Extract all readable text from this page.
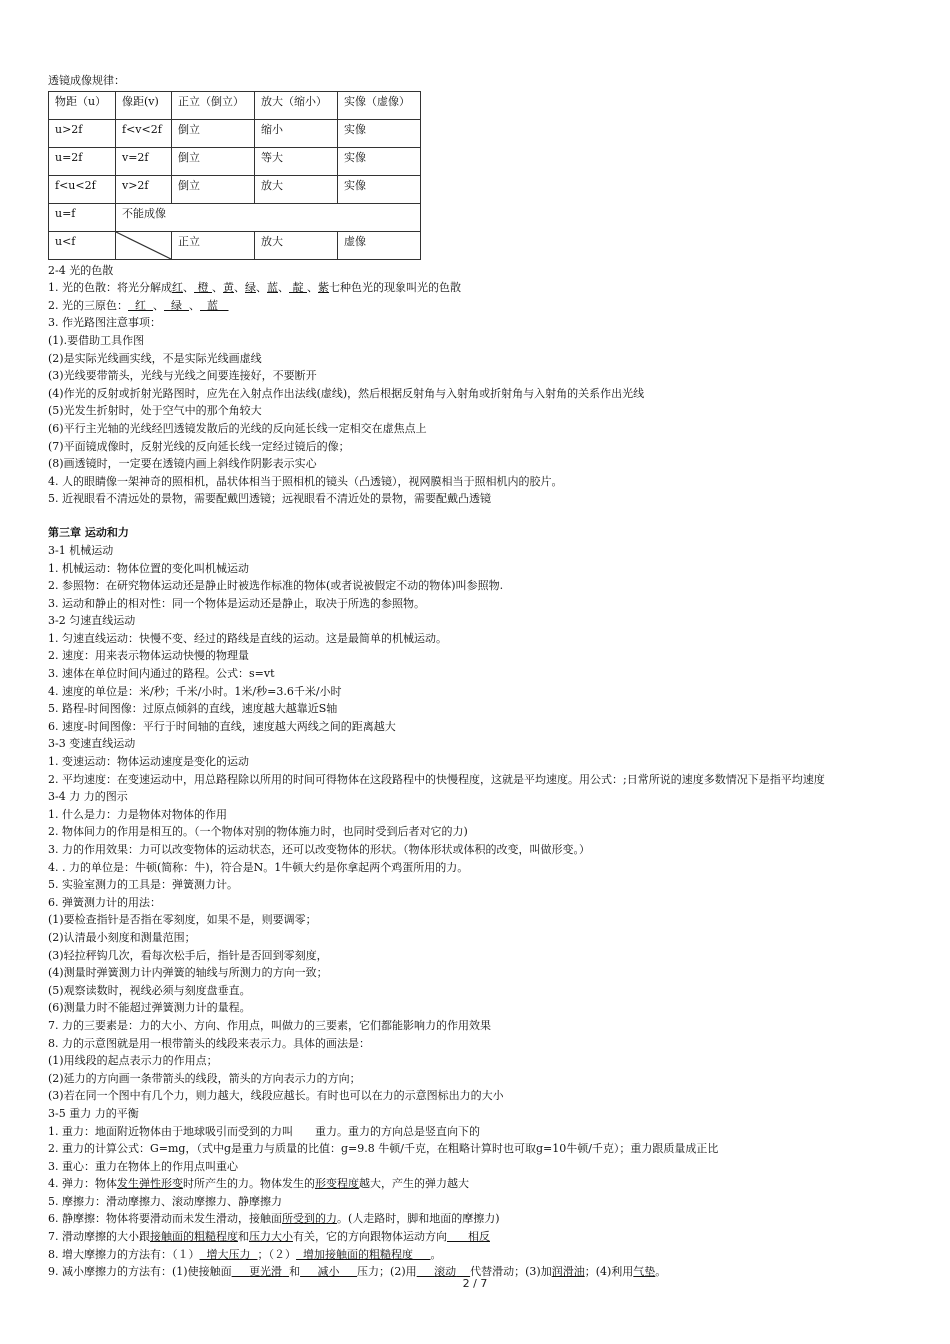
透镜成像规律：
物距（u）	像距(v)	正立（倒立）	放大（缩小）	实像（虚像）
u>2f	f<v<2f	倒立	缩小	实像
u=2f	v=2f	倒立	等大	实像
f<u<2f	v>2f	倒立	放大	实像
u=f	不能成像			
u<f		正立	放大	虚像
2-4 光的色散
1. 光的色散：将光分解成红、 橙 、黄、绿、蓝、 靛 、紫七种色光的现象叫光的色散
2. 光的三原色： 红 、 绿 、 蓝
3. 作光路图注意事项：
(1).要借助工具作图
(2)是实际光线画实线，不是实际光线画虚线
(3)光线要带箭头，光线与光线之间要连接好，不要断开
(4)作光的反射或折射光路图时，应先在入射点作出法线(虚线)，然后根据反射角与入射角或折射角与入射角的关系作出光线
(5)光发生折射时，处于空气中的那个角较大
(6)平行主光轴的光线经凹透镜发散后的光线的反向延长线一定相交在虚焦点上
(7)平面镜成像时，反射光线的反向延长线一定经过镜后的像；
(8)画透镜时，一定要在透镜内画上斜线作阴影表示实心
4. 人的眼睛像一架神奇的照相机，晶状体相当于照相机的镜头（凸透镜），视网膜相当于照相机内的胶片。
5. 近视眼看不清远处的景物，需要配戴凹透镜；远视眼看不清近处的景物，需要配戴凸透镜
第三章 运动和力
3-1 机械运动
1. 机械运动：物体位置的变化叫机械运动
2. 参照物：在研究物体运动还是静止时被选作标准的物体(或者说被假定不动的物体)叫参照物.
3. 运动和静止的相对性：同一个物体是运动还是静止，取决于所选的参照物。
3-2 匀速直线运动
1. 匀速直线运动：快慢不变、经过的路线是直线的运动。这是最简单的机械运动。
2. 速度：用来表示物体运动快慢的物理量
3. 速体在单位时间内通过的路程。公式：s=vt
4. 速度的单位是：米/秒；千米/小时。1米/秒=3.6千米/小时
5. 路程-时间图像：过原点倾斜的直线，速度越大越靠近S轴
6. 速度-时间图像：平行于时间轴的直线，速度越大两线之间的距离越大
3-3 变速直线运动
1. 变速运动：物体运动速度是变化的运动
2. 平均速度：在变速运动中，用总路程除以所用的时间可得物体在这段路程中的快慢程度，这就是平均速度。用公式：;日常所说的速度多数情况下是指平均速度
3-4 力 力的图示
1. 什么是力：力是物体对物体的作用
2. 物体间力的作用是相互的。（一个物体对别的物体施力时，也同时受到后者对它的力)
3. 力的作用效果：力可以改变物体的运动状态，还可以改变物体的形状。（物体形状或体积的改变，叫做形变。）
4. . 力的单位是：牛顿(简称：牛)，符合是N。1牛顿大约是你拿起两个鸡蛋所用的力。
5. 实验室测力的工具是：弹簧测力计。
6. 弹簧测力计的用法：
(1)要检查指针是否指在零刻度，如果不是，则要调零；
(2)认清最小刻度和测量范围；
(3)轻拉秤钩几次，看每次松手后，指针是否回到零刻度，
(4)测量时弹簧测力计内弹簧的轴线与所测力的方向一致；
(5)观察读数时，视线必须与刻度盘垂直。
(6)测量力时不能超过弹簧测力计的量程。
7. 力的三要素是：力的大小、方向、作用点，叫做力的三要素，它们都能影响力的作用效果
8. 力的示意图就是用一根带箭头的线段来表示力。具体的画法是：
(1)用线段的起点表示力的作用点；
(2)延力的方向画一条带箭头的线段，箭头的方向表示力的方向；
(3)若在同一个图中有几个力，则力越大，线段应越长。有时也可以在力的示意图标出力的大小
3-5 重力 力的平衡
1. 重力：地面附近物体由于地球吸引而受到的力叫　　重力。重力的方向总是竖直向下的
2. 重力的计算公式：G=mg，（式中g是重力与质量的比值：g=9.8 牛顿/千克，在粗略计算时也可取g=10牛顿/千克）；重力跟质量成正比
3. 重心：重力在物体上的作用点叫重心
4. 弹力：物体发生弹性形变时所产生的力。物体发生的形变程度越大，产生的弹力越大
5. 摩擦力：滑动摩擦力、滚动摩擦力、静摩擦力
6. 静摩擦：物体将要滑动而未发生滑动，接触面所受到的力。(人走路时，脚和地面的摩擦力)
7. 滑动摩擦的大小跟接触面的粗糙程度和压力大小有关，它的方向跟物体运动方向 相反
8. 增大摩擦力的方法有：（１） 增大压力 ；（２） 增加接触面的粗糙程度 。
9. 减小摩擦力的方法有：(1)使接触面 更光滑 和 减小 压力；(2)用 滚动 代替滑动；(3)加润滑油；(4)利用气垫。
2 / 7
